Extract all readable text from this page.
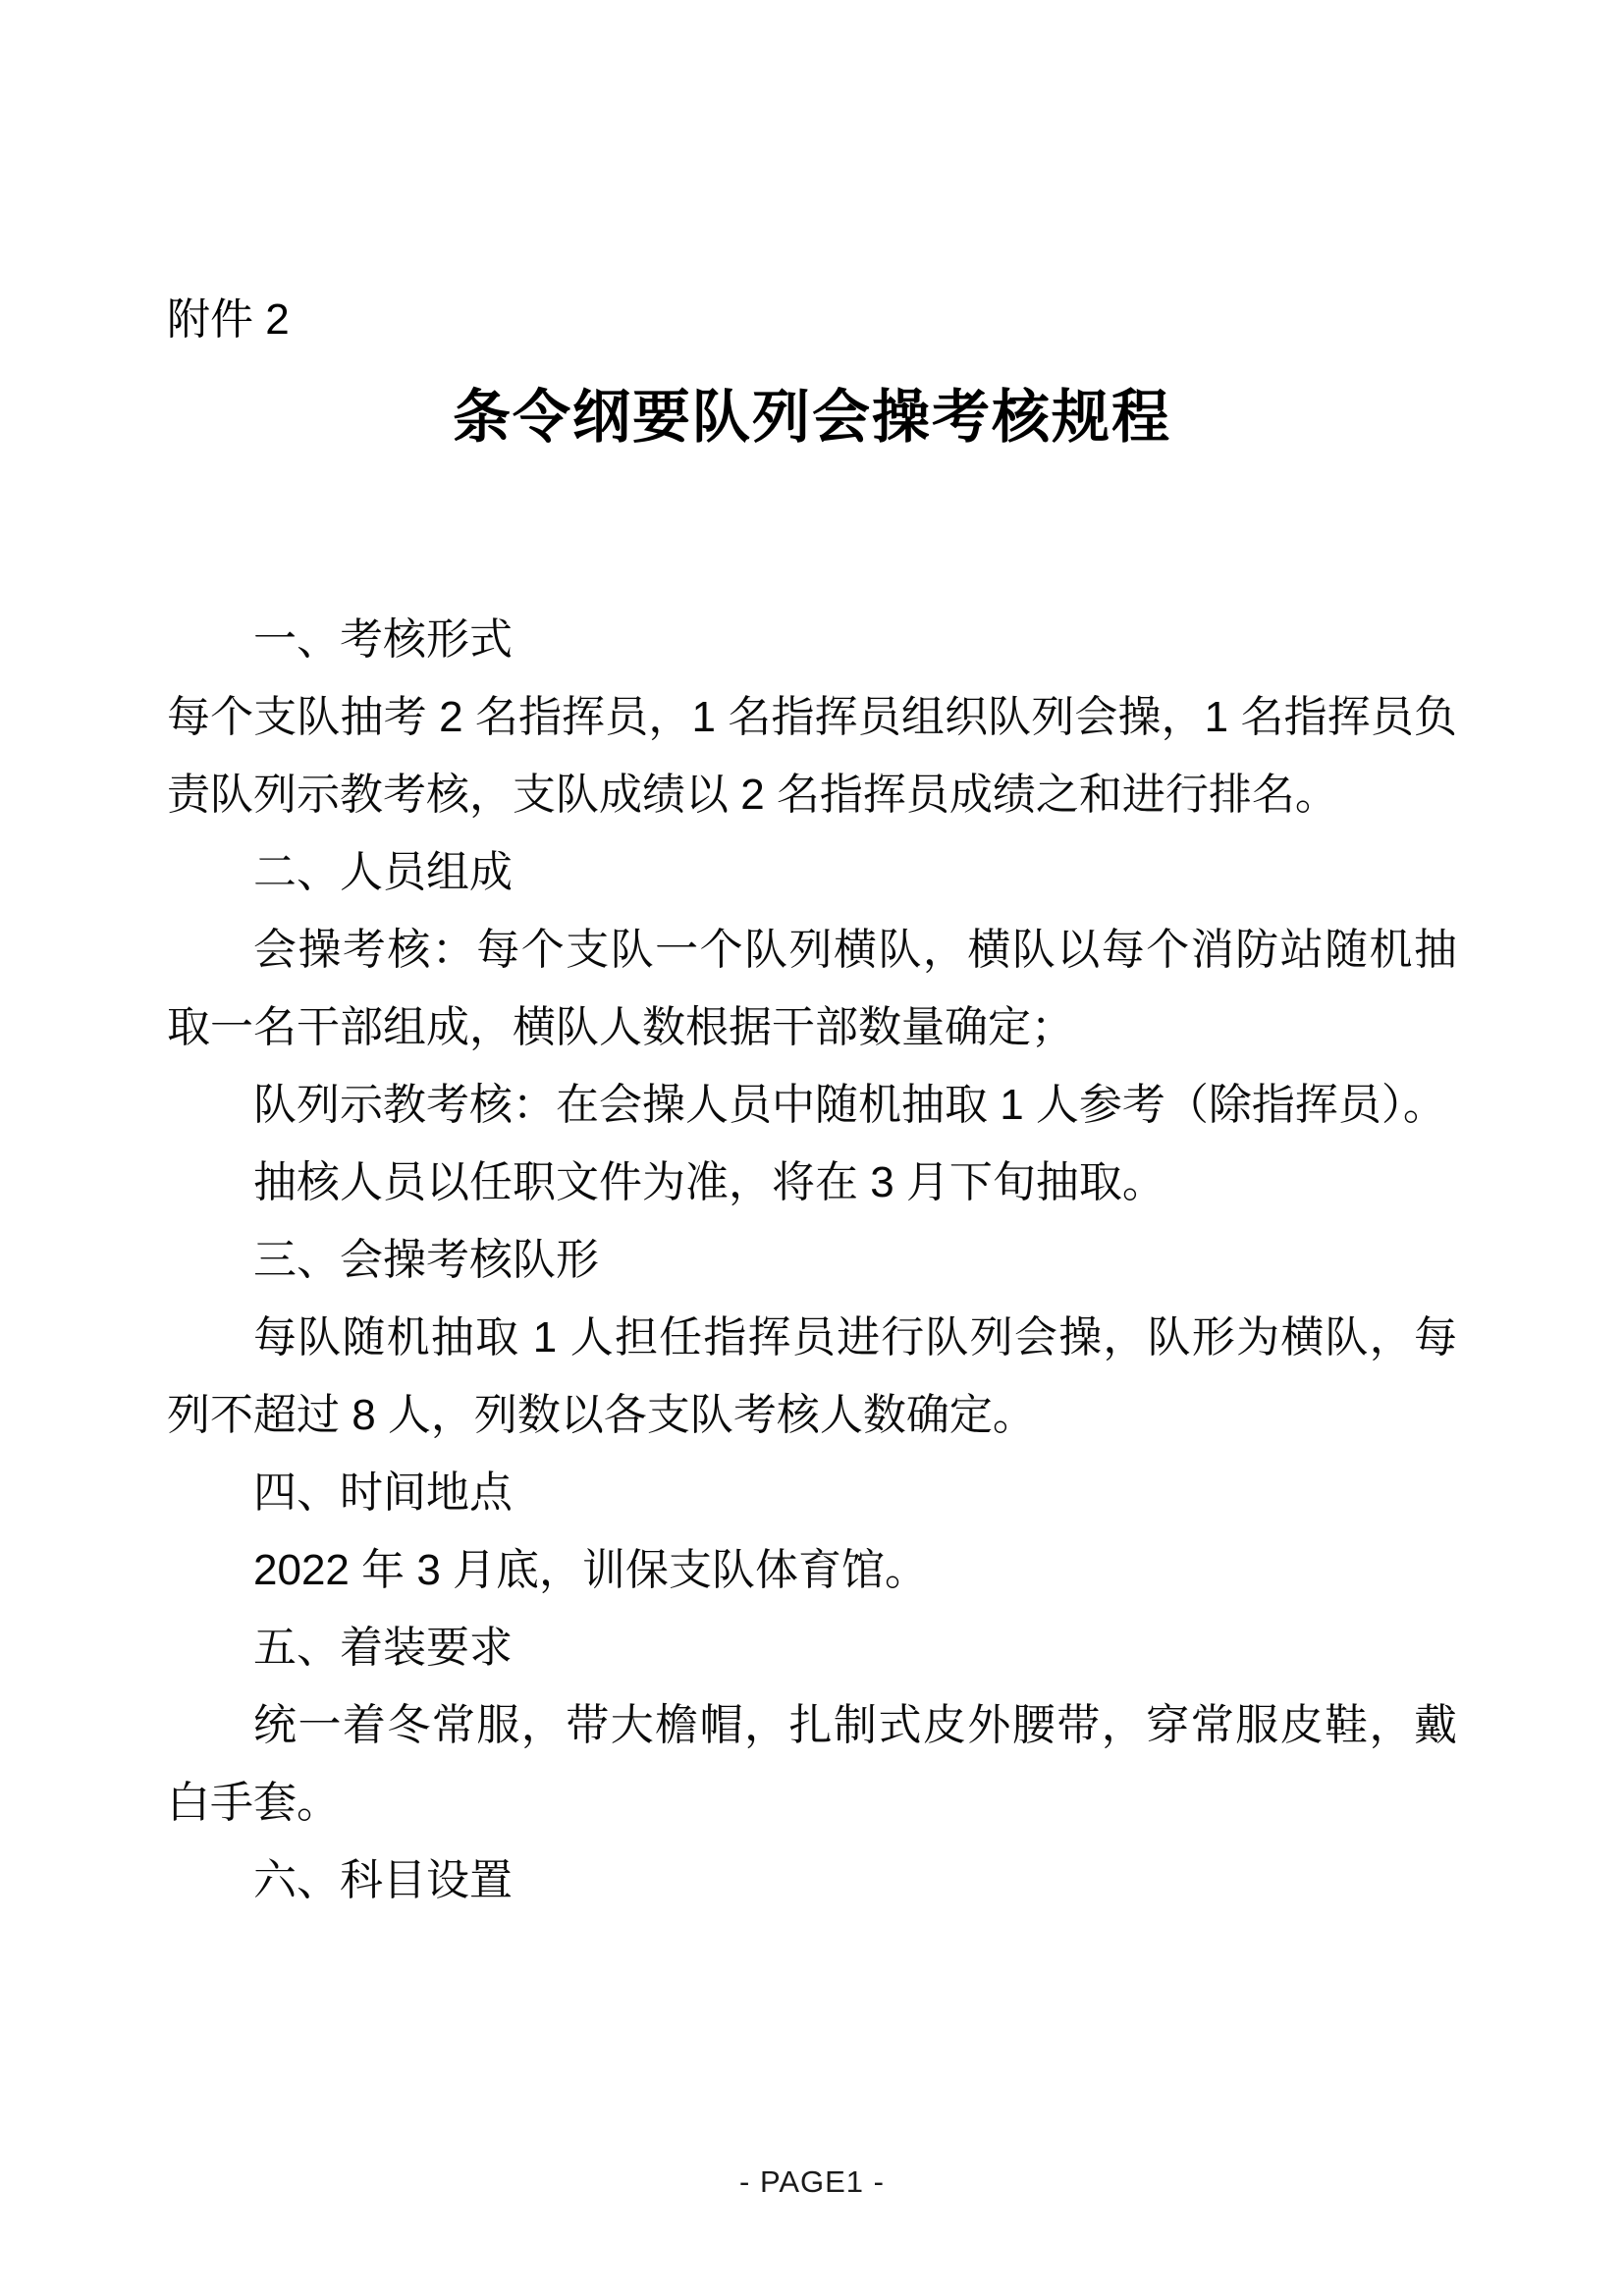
附件 2
条令纲要队列会操考核规程

一、考核形式

每个支队抽考 2 名指挥员，1 名指挥员组织队列会操，1 名指挥员负责队列示教考核，支队成绩以 2 名指挥员成绩之和进行排名。

二、人员组成

会操考核：每个支队一个队列横队，横队以每个消防站随机抽取一名干部组成，横队人数根据干部数量确定；

队列示教考核：在会操人员中随机抽取 1 人参考（除指挥员）。

抽核人员以任职文件为准，将在 3 月下旬抽取。

三、会操考核队形

每队随机抽取 1 人担任指挥员进行队列会操，队形为横队，每列不超过 8 人，列数以各支队考核人数确定。

四、时间地点

2022 年 3 月底，训保支队体育馆。

五、着装要求

统一着冬常服，带大檐帽，扎制式皮外腰带，穿常服皮鞋，戴白手套。

六、科目设置

- PAGE1 -
